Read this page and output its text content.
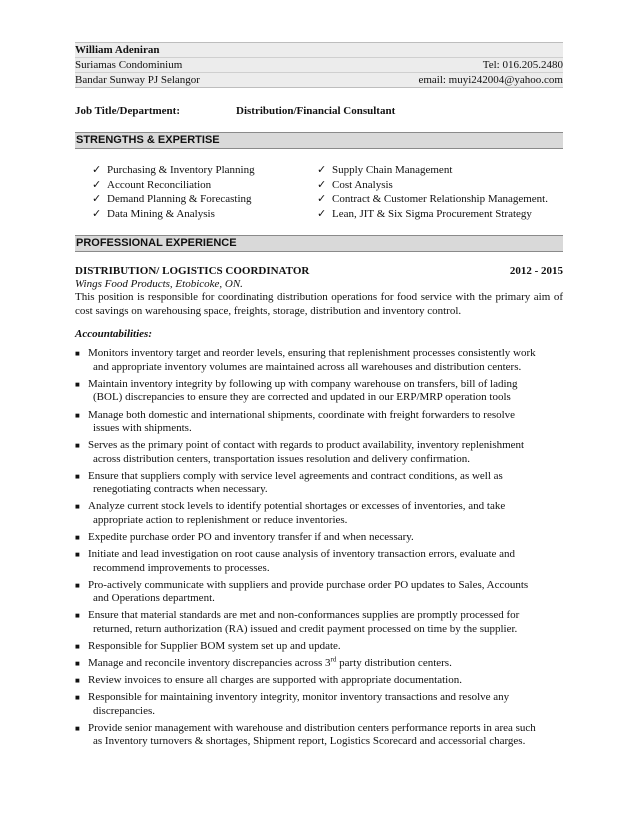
William Adeniran
Suriamas Condominium	Tel: 016.205.2480
Bandar Sunway PJ Selangor	email: muyi242004@yahoo.com
Job Title/Department:	Distribution/Financial Consultant
STRENGTHS & EXPERTISE
✓ Purchasing & Inventory Planning
✓ Account Reconciliation
✓ Demand Planning & Forecasting
✓ Data Mining & Analysis
✓ Supply Chain Management
✓ Cost Analysis
✓ Contract & Customer Relationship Management.
✓ Lean, JIT & Six Sigma Procurement Strategy
PROFESSIONAL EXPERIENCE
DISTRIBUTION/ LOGISTICS COORDINATOR	2012 - 2015
Wings Food Products, Etobicoke, ON.
This position is responsible for coordinating distribution operations for food service with the primary aim of cost savings on warehousing space, freights, storage, distribution and inventory control.
Accountabilities:
■ Monitors inventory target and reorder levels, ensuring that replenishment processes consistently work
and appropriate inventory volumes are maintained across all warehouses and distribution centers.
■ Maintain inventory integrity by following up with company warehouse on transfers, bill of lading
(BOL) discrepancies to ensure they are corrected and updated in our ERP/MRP operation tools
■ Manage both domestic and international shipments, coordinate with freight forwarders to resolve
issues with shipments.
■ Serves as the primary point of contact with regards to product availability, inventory replenishment
across distribution centers, transportation issues resolution and delivery confirmation.
■ Ensure that suppliers comply with service level agreements and contract conditions, as well as
renegotiating contracts when necessary.
■ Analyze current stock levels to identify potential shortages or excesses of inventories, and take
appropriate action to replenishment or reduce inventories.
■ Expedite purchase order PO and inventory transfer if and when necessary.
■ Initiate and lead investigation on root cause analysis of inventory transaction errors, evaluate and
recommend improvements to processes.
■ Pro-actively communicate with suppliers and provide purchase order PO updates to Sales, Accounts
and Operations department.
■ Ensure that material standards are met and non-conformances supplies are promptly processed for
returned, return authorization (RA) issued and credit payment processed on time by the supplier.
■ Responsible for Supplier BOM system set up and update.
■ Manage and reconcile inventory discrepancies across 3rd party distribution centers.
■ Review invoices to ensure all charges are supported with appropriate documentation.
■ Responsible for maintaining inventory integrity, monitor inventory transactions and resolve any
discrepancies.
■ Provide senior management with warehouse and distribution centers performance reports in area such
as Inventory turnovers & shortages, Shipment report, Logistics Scorecard and accessorial charges.
